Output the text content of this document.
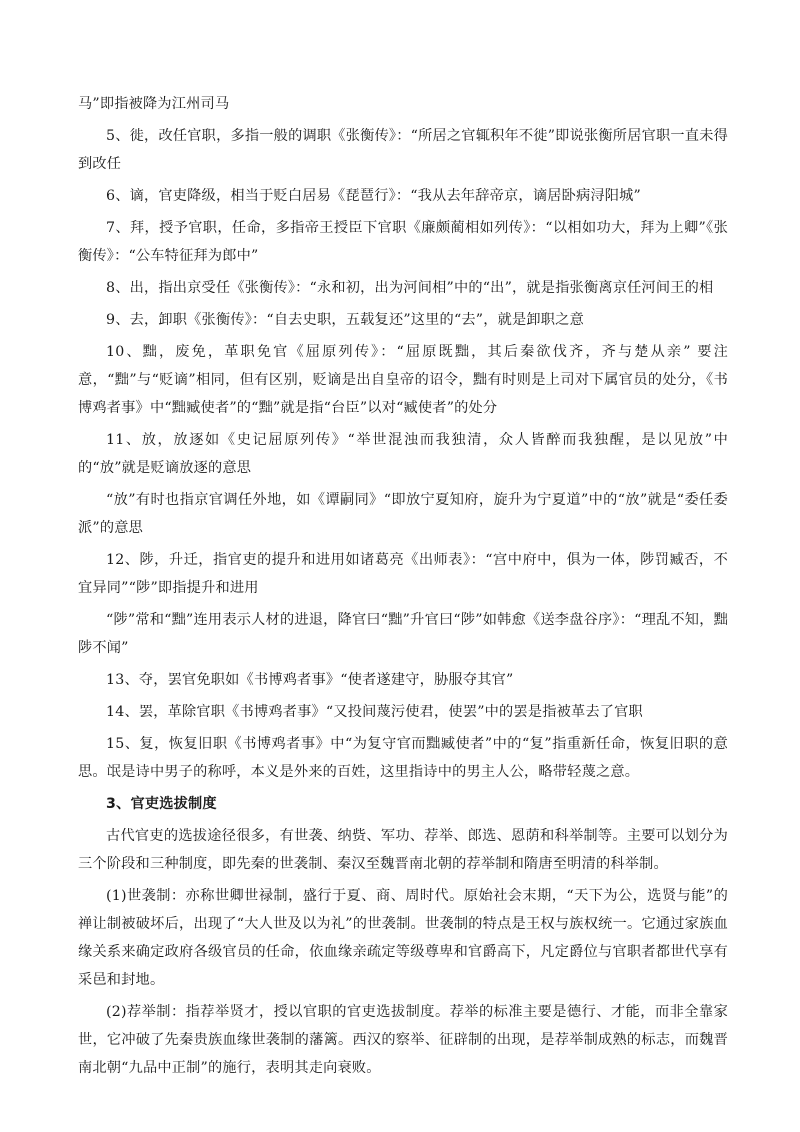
马”即指被降为江州司马

5、徙，改任官职，多指一般的调职《张衡传》：“所居之官辄积年不徙”即说张衡所居官职一直未得到改任

6、谪，官吏降级，相当于贬白居易《琵琶行》：“我从去年辞帝京，谪居卧病浔阳城”

7、拜，授予官职，任命，多指帝王授臣下官职《廉颇蔺相如列传》：“以相如功大，拜为上卿”《张衡传》：“公车特征拜为郎中”

8、出，指出京受任《张衡传》：“永和初，出为河间相”中的“出”，就是指张衡离京任河间王的相

9、去，卸职《张衡传》：“自去史职，五载复还”这里的“去”，就是卸职之意

10、黜，废免，革职免官《屈原列传》：“屈原既黜，其后秦欲伐齐，齐与楚从亲” 要注意，“黜”与“贬谪”相同，但有区别，贬谪是出自皇帝的诏令，黜有时则是上司对下属官员的处分，《书博鸡者事》中“黜臧使者”的“黜”就是指“台臣”以对“臧使者”的处分

11、放，放逐如《史记屈原列传》“举世混浊而我独清，众人皆醉而我独醒，是以见放”中的“放”就是贬谪放逐的意思

“放”有时也指京官调任外地，如《谭嗣同》“即放宁夏知府，旋升为宁夏道”中的“放”就是“委任委派”的意思

12、陟，升迁，指官吏的提升和进用如诸葛亮《出师表》：“宫中府中，俱为一体，陟罚臧否，不宜异同”“陟”即指提升和进用

“陟”常和“黜”连用表示人材的进退，降官曰“黜”升官曰“陟”如韩愈《送李盘谷序》：“理乱不知，黜陟不闻”

13、夺，罢官免职如《书博鸡者事》“使者遂建守，胁服夺其官”

14、罢，革除官职《书博鸡者事》“又投间蔑污使君，使罢”中的罢是指被革去了官职

15、复，恢复旧职《书博鸡者事》中“为复守官而黜臧使者”中的“复”指重新任命，恢复旧职的意思。氓是诗中男子的称呼，本义是外来的百姓，这里指诗中的男主人公，略带轻蔑之意。

3、官吏选拔制度

古代官吏的选拔途径很多，有世袭、纳赀、军功、荐举、郎选、恩荫和科举制等。主要可以划分为三个阶段和三种制度，即先秦的世袭制、秦汉至魏晋南北朝的荐举制和隋唐至明清的科举制。

(1)世袭制：亦称世卿世禄制，盛行于夏、商、周时代。原始社会末期，“天下为公，选贤与能”的禅让制被破坏后，出现了“大人世及以为礼”的世袭制。世袭制的特点是王权与族权统一。它通过家族血缘关系来确定政府各级官员的任命，依血缘亲疏定等级尊卑和官爵高下，凡定爵位与官职者都世代享有采邑和封地。

(2)荐举制：指荐举贤才，授以官职的官吏选拔制度。荐举的标准主要是德行、才能，而非全靠家世，它冲破了先秦贵族血缘世袭制的藩篱。西汉的察举、征辟制的出现，是荐举制成熟的标志，而魏晋南北朝“九品中正制”的施行，表明其走向衰败。
